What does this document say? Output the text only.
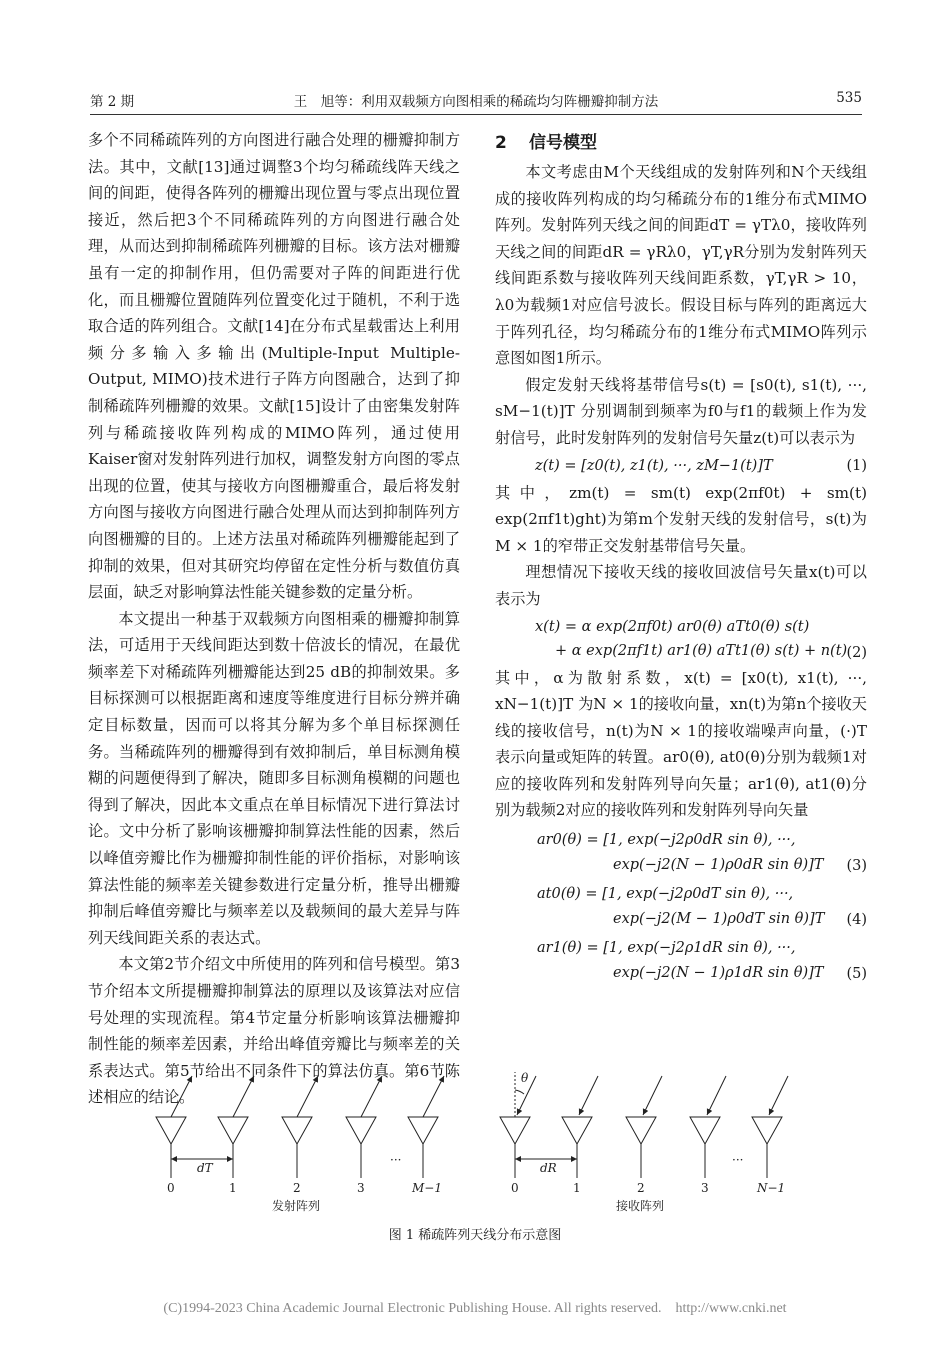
第 2 期	王　旭等：利用双载频方向图相乘的稀疏均匀阵栅瓣抑制方法	535

多个不同稀疏阵列的方向图进行融合处理的栅瓣抑制方法。其中，文献[13]通过调整3个均匀稀疏线阵天线之间的间距，使得各阵列的栅瓣出现位置与零点出现位置接近，然后把3个不同稀疏阵列的方向图进行融合处理，从而达到抑制稀疏阵列栅瓣的目标。该方法对栅瓣虽有一定的抑制作用，但仍需要对子阵的间距进行优化，而且栅瓣位置随阵列位置变化过于随机，不利于选取合适的阵列组合。文献[14]在分布式星载雷达上利用频分多输入多输出(Multiple-Input Multiple-Output, MIMO)技术进行子阵方向图融合，达到了抑制稀疏阵列栅瓣的效果。文献[15]设计了由密集发射阵列与稀疏接收阵列构成的MIMO阵列，通过使用Kaiser窗对发射阵列进行加权，调整发射方向图的零点出现的位置，使其与接收方向图栅瓣重合，最后将发射方向图与接收方向图进行融合处理从而达到抑制阵列方向图栅瓣的目的。上述方法虽对稀疏阵列栅瓣能起到了抑制的效果，但对其研究均停留在定性分析与数值仿真层面，缺乏对影响算法性能关键参数的定量分析。

本文提出一种基于双载频方向图相乘的栅瓣抑制算法，可适用于天线间距达到数十倍波长的情况，在最优频率差下对稀疏阵列栅瓣能达到25 dB的抑制效果。多目标探测可以根据距离和速度等维度进行目标分辨并确定目标数量，因而可以将其分解为多个单目标探测任务。当稀疏阵列的栅瓣得到有效抑制后，单目标测角模糊的问题便得到了解决，随即多目标测角模糊的问题也得到了解决，因此本文重点在单目标情况下进行算法讨论。文中分析了影响该栅瓣抑制算法性能的因素，然后以峰值旁瓣比作为栅瓣抑制性能的评价指标，对影响该算法性能的频率差关键参数进行定量分析，推导出栅瓣抑制后峰值旁瓣比与频率差以及载频间的最大差异与阵列天线间距关系的表达式。

本文第2节介绍文中所使用的阵列和信号模型。第3节介绍本文所提栅瓣抑制算法的原理以及该算法对应信号处理的实现流程。第4节定量分析影响该算法栅瓣抑制性能的频率差因素，并给出峰值旁瓣比与频率差的关系表达式。第5节给出不同条件下的算法仿真。第6节陈述相应的结论。

2 信号模型

本文考虑由M个天线组成的发射阵列和N个天线组成的接收阵列构成的均匀稀疏分布的1维分布式MIMO阵列。发射阵列天线之间的间距dT = γTλ0，接收阵列天线之间的间距dR = γRλ0，γT,γR分别为发射阵列天线间距系数与接收阵列天线间距系数，γT,γR > 10，λ0为载频1对应信号波长。假设目标与阵列的距离远大于阵列孔径，均匀稀疏分布的1维分布式MIMO阵列示意图如图1所示。

假定发射天线将基带信号s(t) = [s0(t), s1(t), ···, sM−1(t)]T 分别调制到频率为f0与f1的载频上作为发射信号，此时发射阵列的发射信号矢量z(t)可以表示为

z(t) = [z0(t), z1(t), ···, zM−1(t)]T	(1)

其中，zm(t) = sm(t) exp(2πf0t) + sm(t) exp(2πf1t)ght)为第m个发射天线的发射信号，s(t)为M × 1的窄带正交发射基带信号矢量。

理想情况下接收天线的接收回波信号矢量x(t)可以表示为

x(t) = α exp(2πf0t) ar0(θ) aTt0(θ) s(t)
+ α exp(2πf1t) ar1(θ) aTt1(θ) s(t) + n(t) (2)

其中，α为散射系数，x(t) = [x0(t), x1(t), ···, xN−1(t)]T 为N × 1的接收向量，xn(t)为第n个接收天线的接收信号，n(t)为N × 1的接收端噪声向量，(·)T表示向量或矩阵的转置。ar0(θ), at0(θ)分别为载频1对应的接收阵列和发射阵列导向矢量；ar1(θ), at1(θ)分别为载频2对应的接收阵列和发射阵列导向矢量

ar0(θ) = [1, exp(−j2ρ0dR sin θ), ···,
exp(−j2(N − 1)ρ0dR sin θ)]T (3)
at0(θ) = [1, exp(−j2ρ0dT sin θ), ···,
exp(−j2(M − 1)ρ0dT sin θ)]T (4)
ar1(θ) = [1, exp(−j2ρ1dR sin θ), ···,
exp(−j2(N − 1)ρ1dR sin θ)]T (5)
dT	dR
θ
···	···
0	1	2	3	M−1	0	1	2	3	N−1
发射阵列	接收阵列
图 1 稀疏阵列天线分布示意图
(C)1994-2023 China Academic Journal Electronic Publishing House. All rights reserved.　http://www.cnki.net
